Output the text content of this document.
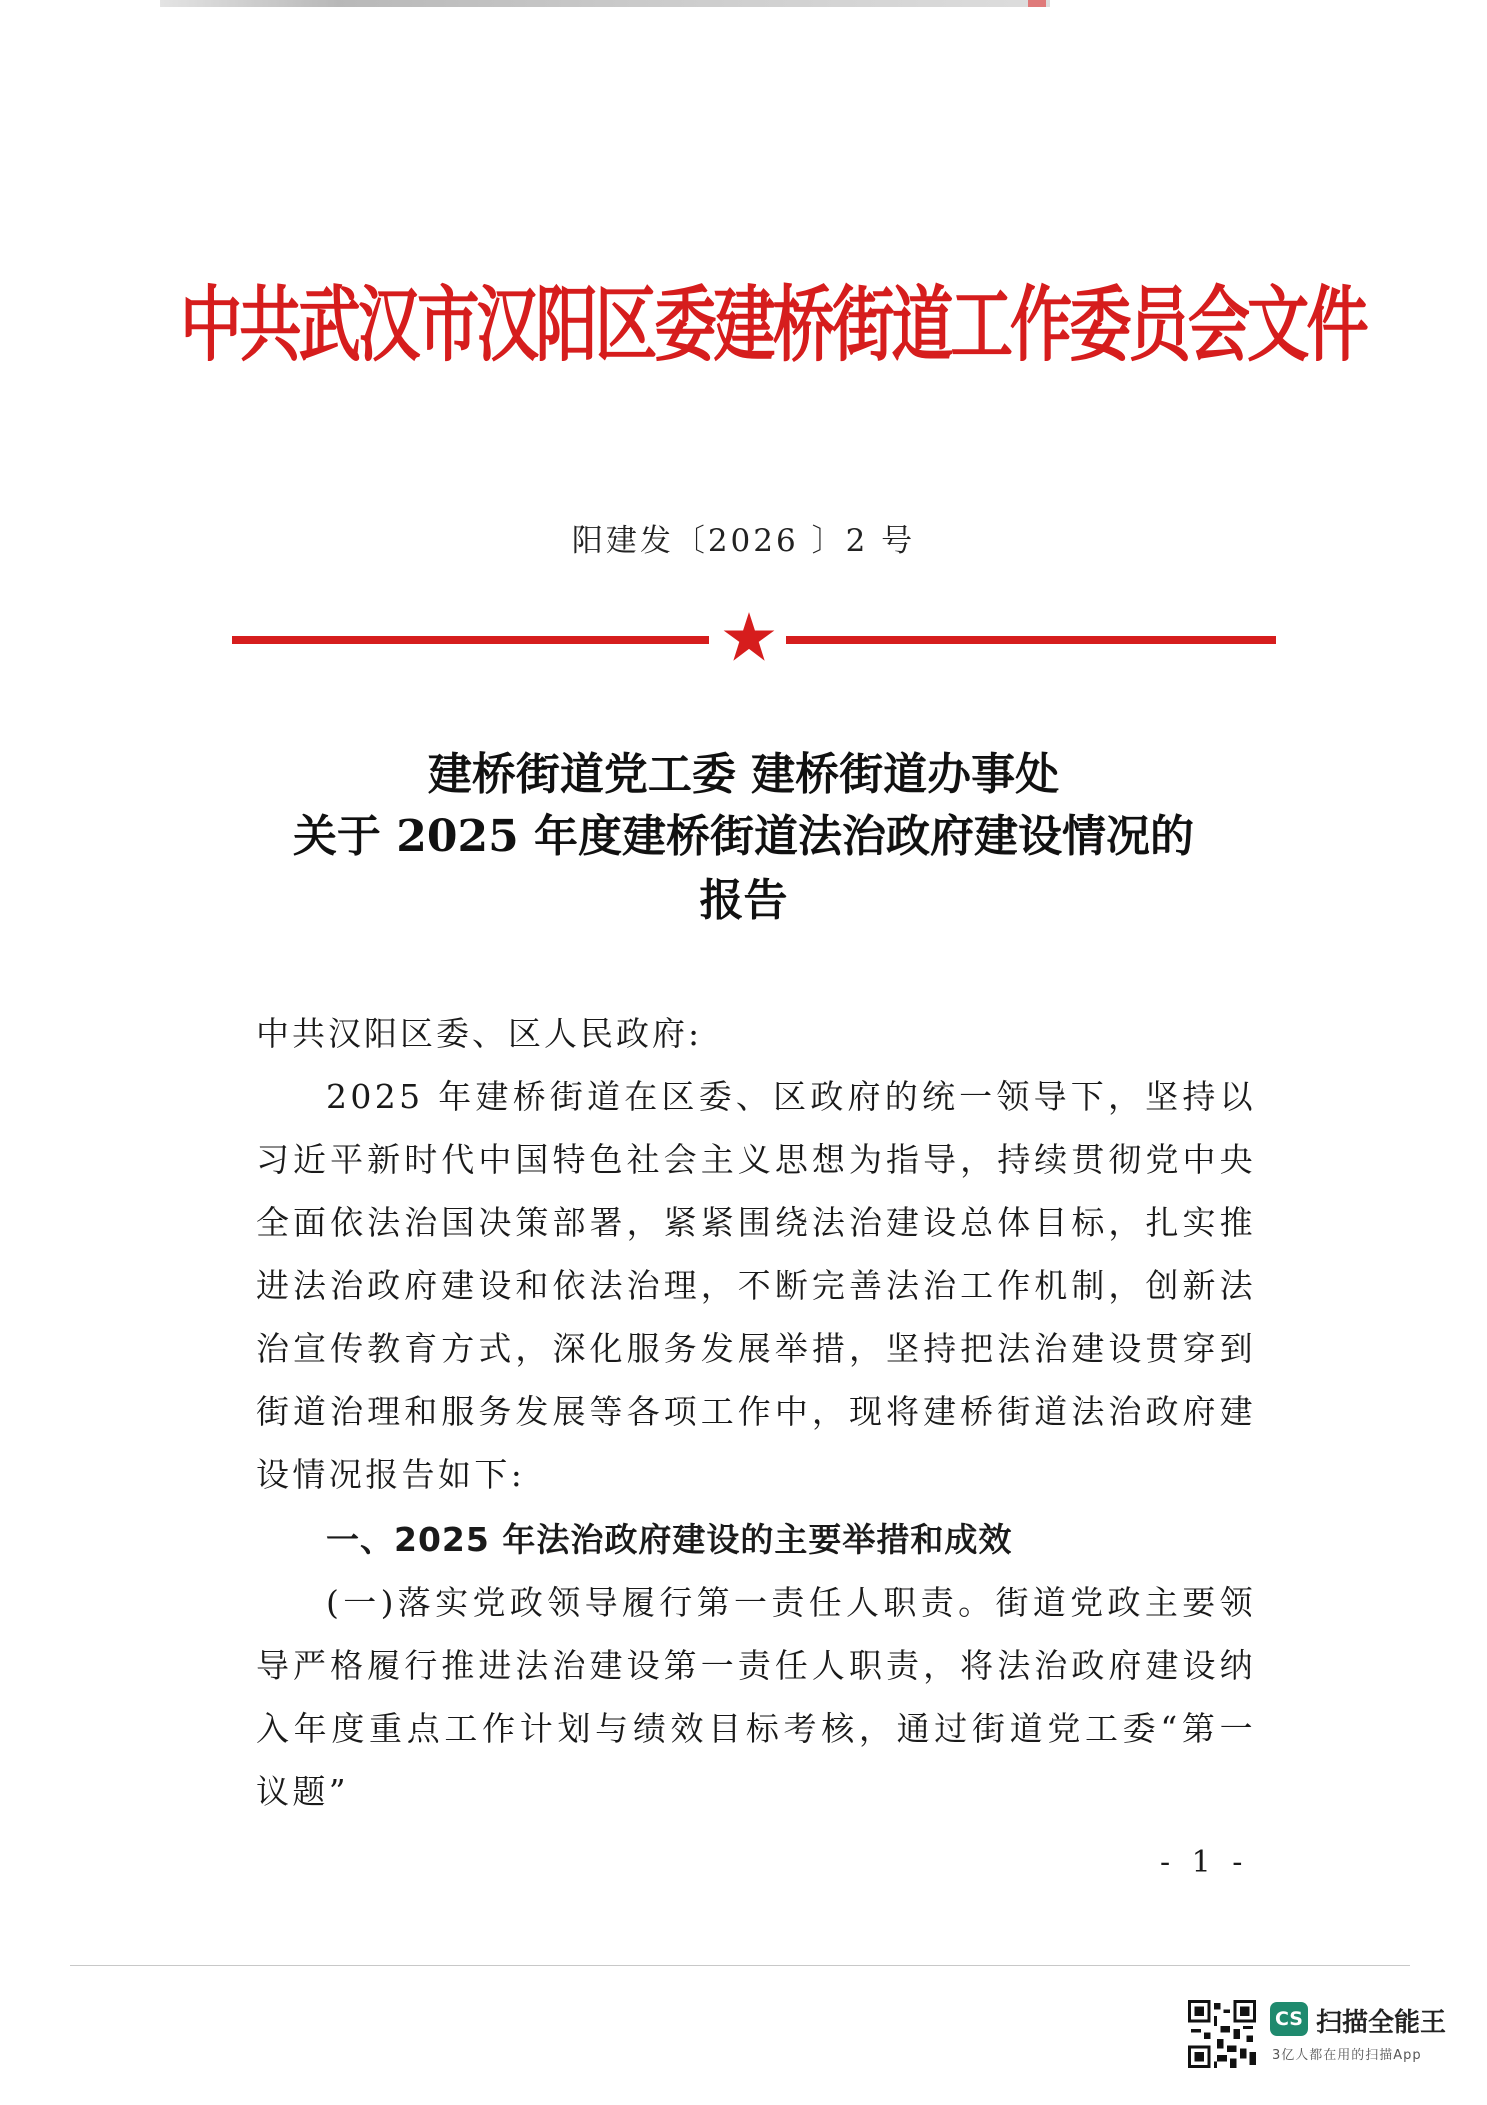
中共武汉市汉阳区委建桥街道工作委员会文件
阳建发〔2026 〕2 号
建桥街道党工委 建桥街道办事处
关于 2025 年度建桥街道法治政府建设情况的
报告
中共汉阳区委、区人民政府:
2025 年建桥街道在区委、区政府的统一领导下，坚持以习近平新时代中国特色社会主义思想为指导，持续贯彻党中央全面依法治国决策部署，紧紧围绕法治建设总体目标，扎实推进法治政府建设和依法治理，不断完善法治工作机制，创新法治宣传教育方式，深化服务发展举措，坚持把法治建设贯穿到街道治理和服务发展等各项工作中，现将建桥街道法治政府建设情况报告如下:
一、2025 年法治政府建设的主要举措和成效
(一)落实党政领导履行第一责任人职责。街道党政主要领导严格履行推进法治建设第一责任人职责，将法治政府建设纳入年度重点工作计划与绩效目标考核，通过街道党工委“第一议题”
- 1 -
CS 扫描全能王
3亿人都在用的扫描App
